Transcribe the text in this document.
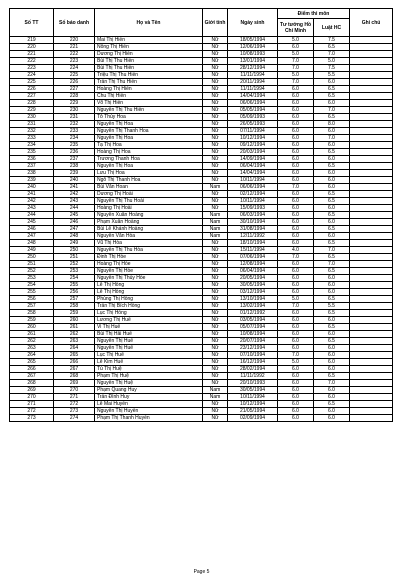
Số TT	Số báo danh	Họ và Tên	Giới tính	Ngày sinh	Điểm thi môn		Ghi chú
					Tư tưởng Hồ Chí Minh	Luật HC	
219	220	Mai Thị Hiền	Nữ	18/05/1994	5.0	7.5	
220	221	Nông Thị Hiền	Nữ	12/06/1994	6.0	6.5	
221	222	Dương Thị Hiền	Nữ	10/08/1993	5.0	7.0	
222	223	Bùi Thị Thu Hiền	Nữ	13/01/1994	7.0	5.0	
223	224	Bùi Thị Thu Hiền	Nữ	28/12/1994	7.0	7.5	
224	225	Triệu Thị Thu Hiền	Nữ	11/11/1994	5.0	5.5	
225	226	Trần Thị Thu Hiền	Nữ	20/11/1994	7.0	6.0	
226	227	Hoàng Thị Hiền	Nữ	11/11/1994	6.0	6.5	
227	228	Chu Thị Hiền	Nữ	14/04/1994	6.0	6.5	
228	229	Võ Thị Hiền	Nữ	06/06/1994	6.0	6.0	
229	230	Nguyễn Thị Thu Hiền	Nữ	05/05/1994	6.0	7.0	
230	231	Tô Thúy Hoa	Nữ	05/09/1993	6.0	6.5	
231	232	Nguyễn Thị Hoa	Nữ	26/05/1993	6.0	8.0	
232	233	Nguyễn Thị Thanh Hoa	Nữ	07/11/1994	6.0	6.0	
233	234	Nguyễn Thị Hoa	Nữ	10/12/1994	6.0	7.0	
234	235	Tạ Thị Hoa	Nữ	09/12/1994	6.0	6.0	
235	236	Hoàng Thị Hoa	Nữ	20/03/1994	6.0	6.5	
236	237	Trương Thanh Hoa	Nữ	14/09/1994	6.0	6.0	
237	238	Nguyễn Thị Hoa	Nữ	06/04/1994	6.0	6.5	
238	239	Lưu Thị Hoa	Nữ	14/04/1994	6.0	6.0	
239	240	Ngô Thị Thanh Hoa	Nữ	10/11/1994	6.0	6.0	
240	241	Bùi Văn Hoan	Nam	06/06/1994	7.0	6.0	
241	242	Dương Thị Hoài	Nữ	02/12/1994	6.0	6.5	
242	243	Nguyễn Thị Thu Hoài	Nữ	10/11/1994	6.0	6.5	
243	244	Hoàng Thị Hoài	Nữ	15/09/1993	6.0	6.0	
244	245	Nguyễn Xuân Hoàng	Nam	06/03/1994	6.0	6.5	
245	246	Phạm Xuân Hoàng	Nam	30/10/1994	6.0	6.0	
246	247	Bùi Lê Khánh Hoàng	Nam	31/08/1994	6.0	6.5	
247	248	Nguyễn Văn Hòa	Nam	12/11/1992	6.0	6.0	
248	249	Vũ Thị Hòa	Nữ	18/10/1994	6.0	6.5	
249	250	Nguyễn Thị Thu Hòa	Nữ	15/11/1994	4.0	7.0	
250	251	Đinh Thị Hòe	Nữ	07/06/1994	7.0	6.5	
251	252	Hoàng Thị Hòe	Nữ	12/08/1994	6.0	7.0	
252	253	Nguyễn Thị Hòe	Nữ	06/04/1994	6.0	6.5	
253	254	Nguyễn Thị Thúy Hòe	Nữ	20/05/1994	6.0	6.0	
254	255	Lê Thị Hồng	Nữ	30/05/1994	6.0	6.0	
255	256	Lê Thị Hồng	Nữ	03/12/1994	6.0	6.0	
256	257	Phùng Thị Hồng	Nữ	13/10/1994	5.0	6.5	
257	258	Trần Thị Bích Hồng	Nữ	13/02/1994	7.0	5.5	
258	259	Lục Thị Hồng	Nữ	01/12/1992	6.0	6.5	
259	260	Lương Thị Huế	Nữ	03/05/1994	6.0	6.0	
260	261	Vi Thị Huế	Nữ	05/07/1994	6.0	6.5	
261	262	Bùi Thị Hải Huế	Nữ	10/08/1994	6.0	6.0	
262	263	Nguyễn Thị Huế	Nữ	20/07/1994	6.0	6.5	
263	264	Nguyễn Thị Huế	Nữ	23/12/1994	6.0	6.0	
264	265	Lục Thị Huế	Nữ	07/10/1994	7.0	6.0	
265	266	Lê Kim Huế	Nữ	16/12/1994	5.0	6.0	
266	267	Tù Thị Huệ	Nữ	28/02/1994	6.0	6.0	
267	268	Phạm Thị Huệ	Nữ	11/11/1992	6.0	6.5	
268	269	Nguyễn Thị Huệ	Nữ	20/10/1993	6.0	7.0	
269	270	Phạm Quang Huy	Nam	30/05/1994	6.0	6.0	
270	271	Trần Đình Huy	Nam	10/11/1994	6.0	6.0	
271	272	Lê Mai Huyền	Nữ	10/12/1994	6.0	6.5	
272	273	Nguyễn Thị Huyền	Nữ	21/05/1994	6.0	6.0	
273	274	Phạm Thị Thanh Huyền	Nữ	02/09/1994	6.0	6.0	
Page 5
